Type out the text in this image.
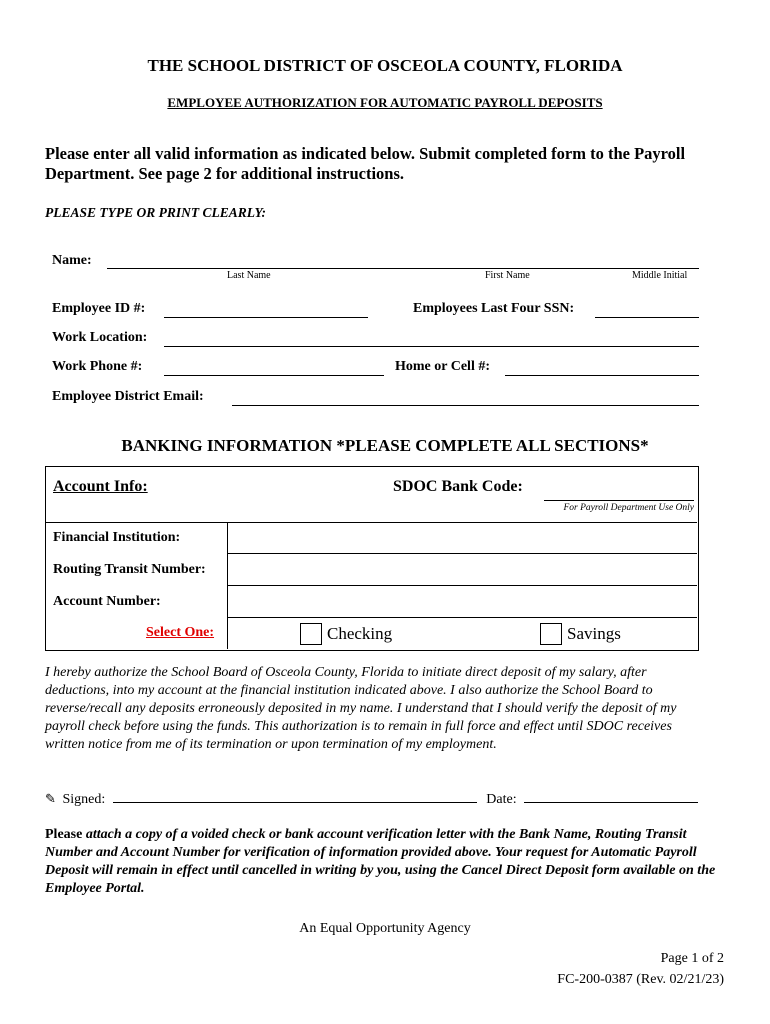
THE SCHOOL DISTRICT OF OSCEOLA COUNTY, FLORIDA
EMPLOYEE AUTHORIZATION FOR AUTOMATIC PAYROLL DEPOSITS
Please enter all valid information as indicated below. Submit completed form to the Payroll Department. See page 2 for additional instructions.
PLEASE TYPE OR PRINT CLEARLY:
Name:
Last Name	First Name	Middle Initial
Employee ID #:	Employees Last Four SSN:
Work Location:
Work Phone #:	Home or Cell #:
Employee District Email:
BANKING INFORMATION *PLEASE COMPLETE ALL SECTIONS*
Account Info:	SDOC Bank Code:
For Payroll Department Use Only
Financial Institution:
Routing Transit Number:
Account Number:
Select One:	Checking	Savings
I hereby authorize the School Board of Osceola County, Florida to initiate direct deposit of my salary, after deductions, into my account at the financial institution indicated above. I also authorize the School Board to reverse/recall any deposits erroneously deposited in my name. I understand that I should verify the deposit of my payroll check before using the funds. This authorization is to remain in full force and effect until SDOC receives written notice from me of its termination or upon termination of my employment.
✎ Signed:	Date:
Please attach a copy of a voided check or bank account verification letter with the Bank Name, Routing Transit Number and Account Number for verification of information provided above. Your request for Automatic Payroll Deposit will remain in effect until cancelled in writing by you, using the Cancel Direct Deposit form available on the Employee Portal.
An Equal Opportunity Agency
Page 1 of 2
FC-200-0387 (Rev. 02/21/23)
